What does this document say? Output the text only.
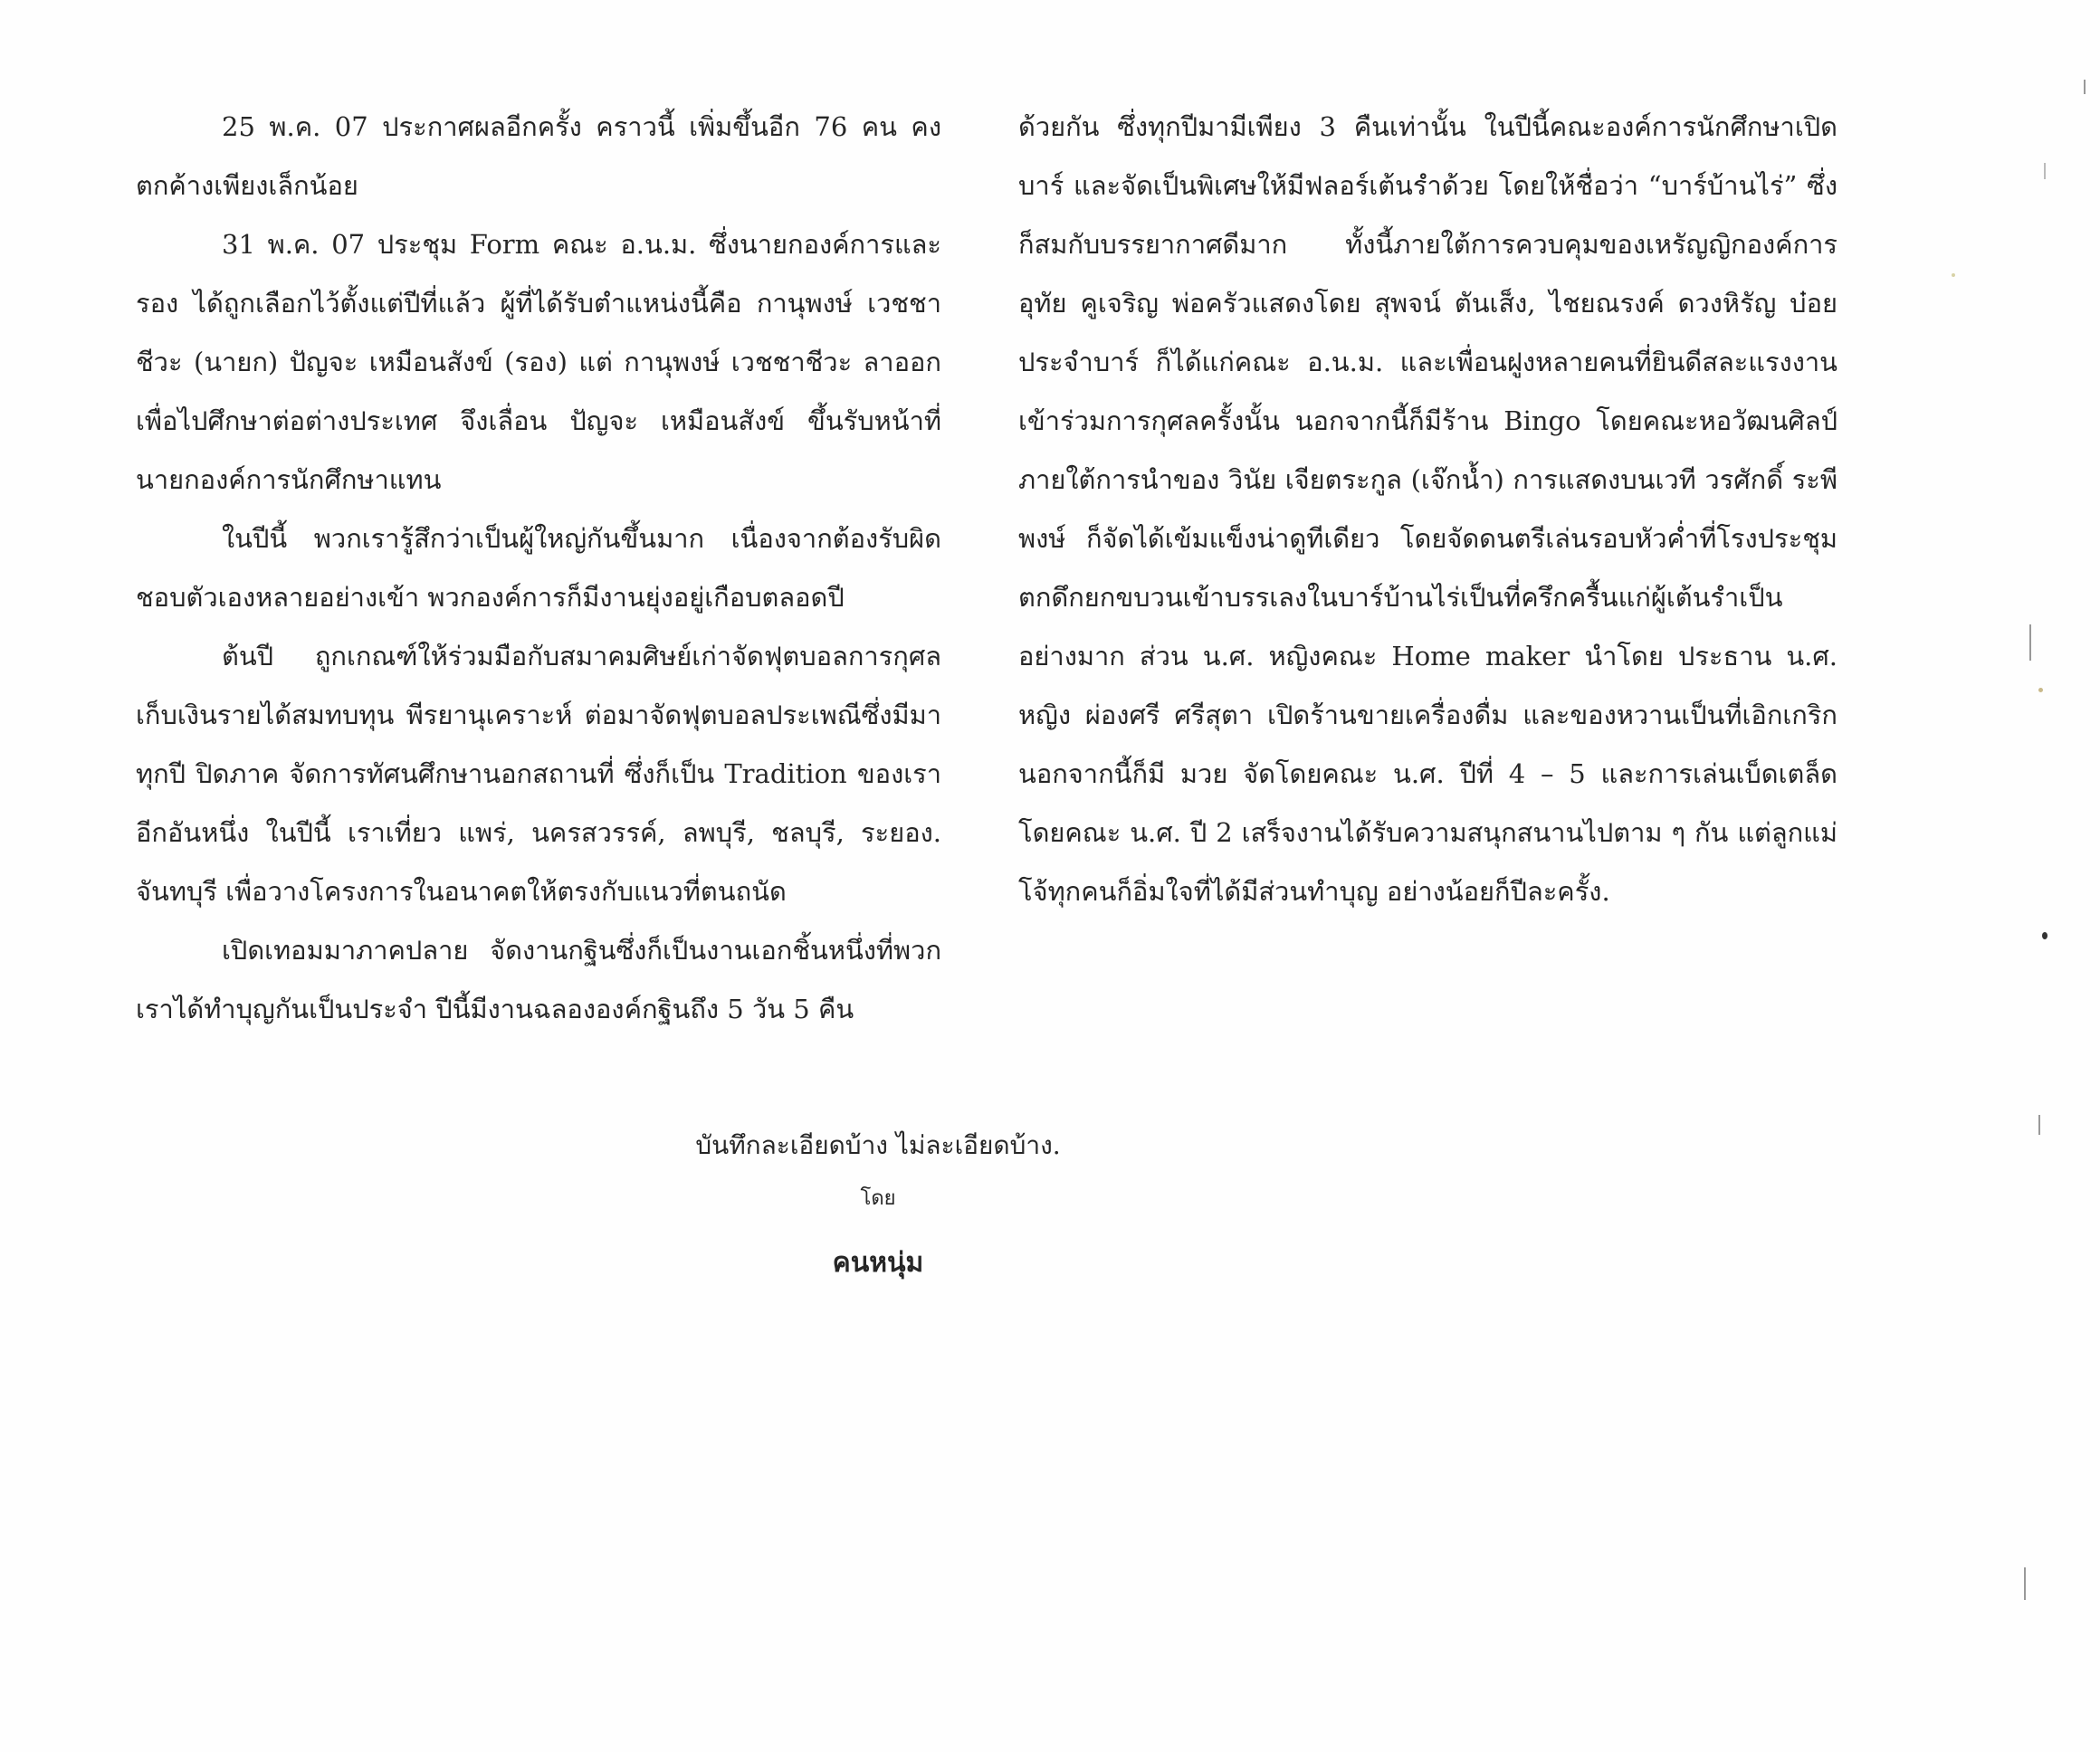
25 พ.ค. 07 ประกาศผลอีกครั้ง คราวนี้ เพิ่มขึ้นอีก 76 คน คงตกค้างเพียงเล็กน้อย

31 พ.ค. 07 ประชุม Form คณะ อ.น.ม. ซึ่งนายกองค์การและรอง ได้ถูกเลือกไว้ตั้งแต่ปีที่แล้ว ผู้ที่ได้รับตำแหน่งนี้คือ กานุพงษ์ เวชชาชีวะ (นายก) ปัญจะ เหมือนสังข์ (รอง) แต่ กานุพงษ์ เวชชาชีวะ ลาออก เพื่อไปศึกษาต่อต่างประเทศ จึงเลื่อน ปัญจะ เหมือนสังข์ ขึ้นรับหน้าที่ นายกองค์การนักศึกษาแทน

ในปีนี้ พวกเรารู้สึกว่าเป็นผู้ใหญ่กันขึ้นมาก เนื่องจากต้องรับผิดชอบตัวเองหลายอย่างเข้า พวกองค์การก็มีงานยุ่งอยู่เกือบตลอดปี

ต้นปี ถูกเกณฑ์ให้ร่วมมือกับสมาคมศิษย์เก่าจัดฟุตบอลการกุศล เก็บเงินรายได้สมทบทุน พีรยานุเคราะห์ ต่อมาจัดฟุตบอลประเพณีซึ่งมีมาทุกปี ปิดภาค จัดการทัศนศึกษานอกสถานที่ ซึ่งก็เป็น Tradition ของเราอีกอันหนึ่ง ในปีนี้ เราเที่ยว แพร่, นครสวรรค์, ลพบุรี, ชลบุรี, ระยอง. จันทบุรี เพื่อวางโครงการในอนาคตให้ตรงกับแนวที่ตนถนัด

เปิดเทอมมาภาคปลาย จัดงานกฐินซึ่งก็เป็นงานเอกชิ้นหนึ่งที่พวกเราได้ทำบุญกันเป็นประจำ ปีนี้มีงานฉลององค์กฐินถึง 5 วัน 5 คืน

ด้วยกัน ซึ่งทุกปีมามีเพียง 3 คืนเท่านั้น ในปีนี้คณะองค์การนักศึกษาเปิดบาร์ และจัดเป็นพิเศษให้มีฟลอร์เต้นรำด้วย โดยให้ชื่อว่า “บาร์บ้านไร่” ซึ่งก็สมกับบรรยากาศดีมาก ทั้งนี้ภายใต้การควบคุมของเหรัญญิกองค์การ อุทัย คูเจริญ พ่อครัวแสดงโดย สุพจน์ ตันเส็ง, ไชยณรงค์ ดวงหิรัญ บ๋อยประจำบาร์ ก็ได้แก่คณะ อ.น.ม. และเพื่อนฝูงหลายคนที่ยินดีสละแรงงานเข้าร่วมการกุศลครั้งนั้น นอกจากนี้ก็มีร้าน Bingo โดยคณะหอวัฒนศิลป์ ภายใต้การนำของ วินัย เจียตระกูล (เจ๊กน้ำ) การแสดงบนเวที วรศักดิ์ ระพีพงษ์ ก็จัดได้เข้มแข็งน่าดูทีเดียว โดยจัดดนตรีเล่นรอบหัวค่ำที่โรงประชุม ตกดึกยกขบวนเข้าบรรเลงในบาร์บ้านไร่เป็นที่ครึกครื้นแก่ผู้เต้นรำเป็นอย่างมาก ส่วน น.ศ. หญิงคณะ Home maker นำโดย ประธาน น.ศ. หญิง ผ่องศรี ศรีสุตา เปิดร้านขายเครื่องดื่ม และของหวานเป็นที่เอิกเกริก นอกจากนี้ก็มี มวย จัดโดยคณะ น.ศ. ปีที่ 4 – 5 และการเล่นเบ็ดเตล็ด โดยคณะ น.ศ. ปี 2 เสร็จงานได้รับความสนุกสนานไปตาม ๆ กัน แต่ลูกแม่โจ้ทุกคนก็อิ่มใจที่ได้มีส่วนทำบุญ อย่างน้อยก็ปีละครั้ง.

บันทึกละเอียดบ้าง ไม่ละเอียดบ้าง.
โดย
คนหนุ่ม
